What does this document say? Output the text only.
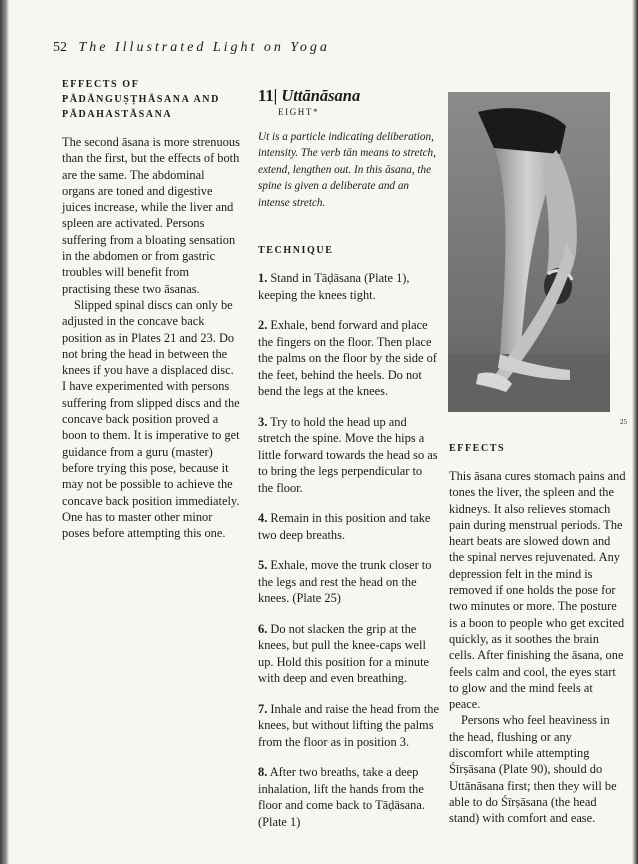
52 The Illustrated Light on Yoga
EFFECTS OF
PĀDĀNGUṢṬHĀSANA AND
PĀDAHASTĀSANA

The second āsana is more strenuous than the first, but the effects of both are the same. The abdominal organs are toned and digestive juices increase, while the liver and spleen are activated. Persons suffering from a bloating sensation in the abdomen or from gastric troubles will benefit from practising these two āsanas.

Slipped spinal discs can only be adjusted in the concave back position as in Plates 21 and 23. Do not bring the head in between the knees if you have a displaced disc. I have experimented with persons suffering from slipped discs and the concave back position proved a boon to them. It is imperative to get guidance from a guru (master) before trying this pose, because it may not be possible to achieve the concave back position immediately. One has to master other minor poses before attempting this one.

11| Uttānāsana
EIGHT*

Ut is a particle indicating deliberation, intensity. The verb tān means to stretch, extend, lengthen out. In this āsana, the spine is given a deliberate and an intense stretch.

TECHNIQUE

1. Stand in Tāḍāsana (Plate 1), keeping the knees tight.

2. Exhale, bend forward and place the fingers on the floor. Then place the palms on the floor by the side of the feet, behind the heels. Do not bend the legs at the knees.

3. Try to hold the head up and stretch the spine. Move the hips a little forward towards the head so as to bring the legs perpendicular to the floor.

4. Remain in this position and take two deep breaths.

5. Exhale, move the trunk closer to the legs and rest the head on the knees. (Plate 25)

6. Do not slacken the grip at the knees, but pull the knee-caps well up. Hold this position for a minute with deep and even breathing.

7. Inhale and raise the head from the knees, but without lifting the palms from the floor as in position 3.

8. After two breaths, take a deep inhalation, lift the hands from the floor and come back to Tāḍāsana. (Plate 1)

25
EFFECTS

This āsana cures stomach pains and tones the liver, the spleen and the kidneys. It also relieves stomach pain during menstrual periods. The heart beats are slowed down and the spinal nerves rejuvenated. Any depression felt in the mind is removed if one holds the pose for two minutes or more. The posture is a boon to people who get excited quickly, as it soothes the brain cells. After finishing the āsana, one feels calm and cool, the eyes start to glow and the mind feels at peace.

Persons who feel heaviness in the head, flushing or any discomfort while attempting Śīrṣāsana (Plate 90), should do Uttānāsana first; then they will be able to do Śīrṣāsana (the head stand) with comfort and ease.
